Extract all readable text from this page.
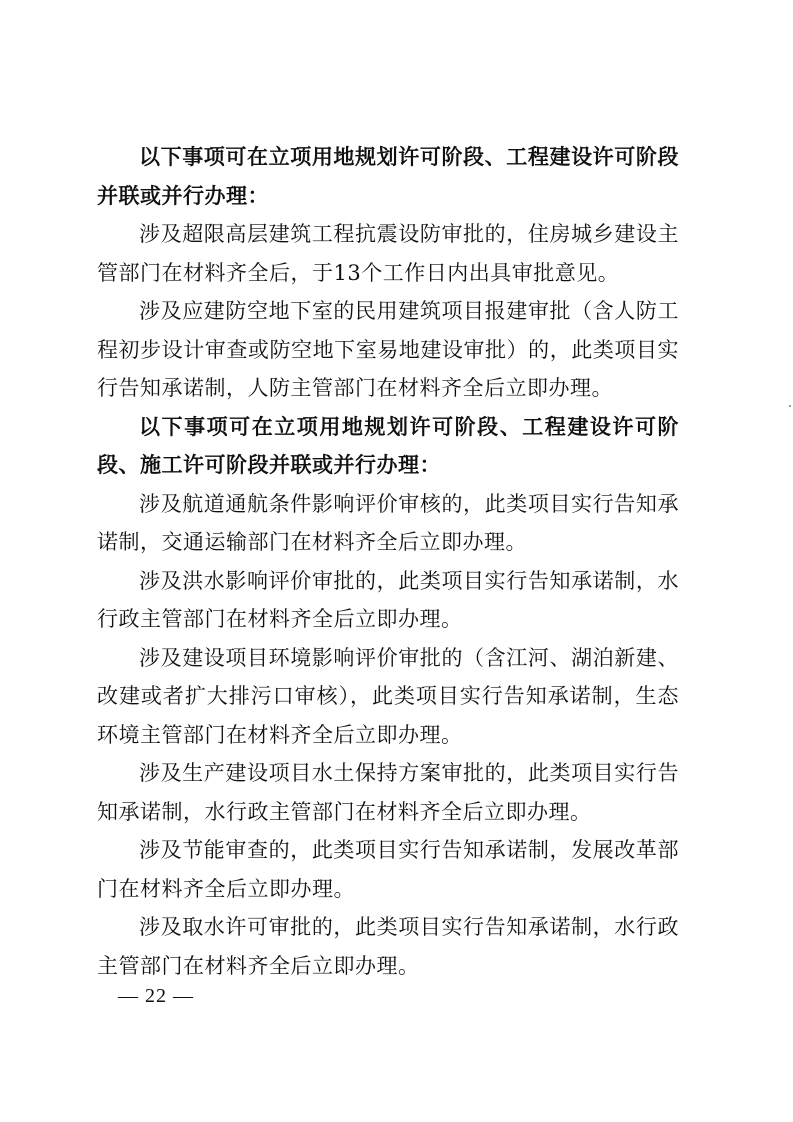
以下事项可在立项用地规划许可阶段、工程建设许可阶段并联或并行办理：

涉及超限高层建筑工程抗震设防审批的，住房城乡建设主管部门在材料齐全后，于13个工作日内出具审批意见。

涉及应建防空地下室的民用建筑项目报建审批（含人防工程初步设计审查或防空地下室易地建设审批）的，此类项目实行告知承诺制，人防主管部门在材料齐全后立即办理。

以下事项可在立项用地规划许可阶段、工程建设许可阶段、施工许可阶段并联或并行办理：

涉及航道通航条件影响评价审核的，此类项目实行告知承诺制，交通运输部门在材料齐全后立即办理。

涉及洪水影响评价审批的，此类项目实行告知承诺制，水行政主管部门在材料齐全后立即办理。

涉及建设项目环境影响评价审批的（含江河、湖泊新建、改建或者扩大排污口审核），此类项目实行告知承诺制，生态环境主管部门在材料齐全后立即办理。

涉及生产建设项目水土保持方案审批的，此类项目实行告知承诺制，水行政主管部门在材料齐全后立即办理。

涉及节能审查的，此类项目实行告知承诺制，发展改革部门在材料齐全后立即办理。

涉及取水许可审批的，此类项目实行告知承诺制，水行政主管部门在材料齐全后立即办理。

— 22 —
